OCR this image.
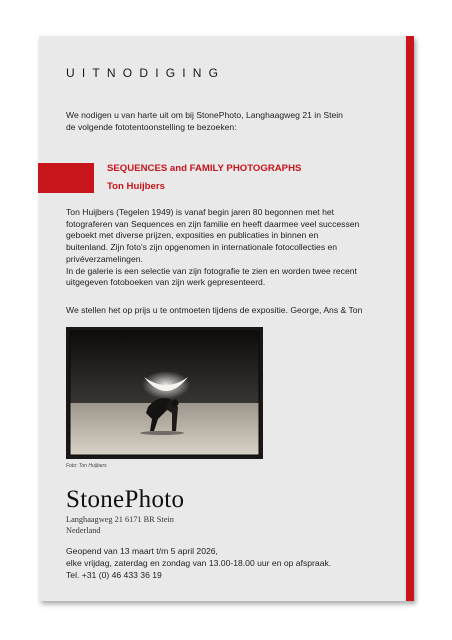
UITNODIGING
We nodigen u van harte uit om bij StonePhoto, Langhaagweg 21 in Stein
de volgende fototentoonstelling te bezoeken:
SEQUENCES and FAMILY PHOTOGRAPHS
Ton Huijbers
Ton Huijbers (Tegelen 1949) is vanaf begin jaren 80 begonnen met het
fotograferen van Sequences en zijn familie en heeft daarmee veel successen
geboekt met diverse prijzen, exposities en publicaties in binnen en
buitenland. Zijn foto's zijn opgenomen in internationale fotocollecties en
privéverzamelingen.
In de galerie is een selectie van zijn fotografie te zien en worden twee recent
uitgegeven fotoboeken van zijn werk gepresenteerd.
We stellen het op prijs u te ontmoeten tijdens de expositie. George, Ans & Ton
Foto: Ton Huijbers
StonePhoto
Langhaagweg 21 6171 BR Stein
Nederland
Geopend van 13 maart t/m 5 april 2026,
elke vrijdag, zaterdag en zondag van 13.00-18.00 uur en op afspraak.
Tel. +31 (0) 46 433 36 19
